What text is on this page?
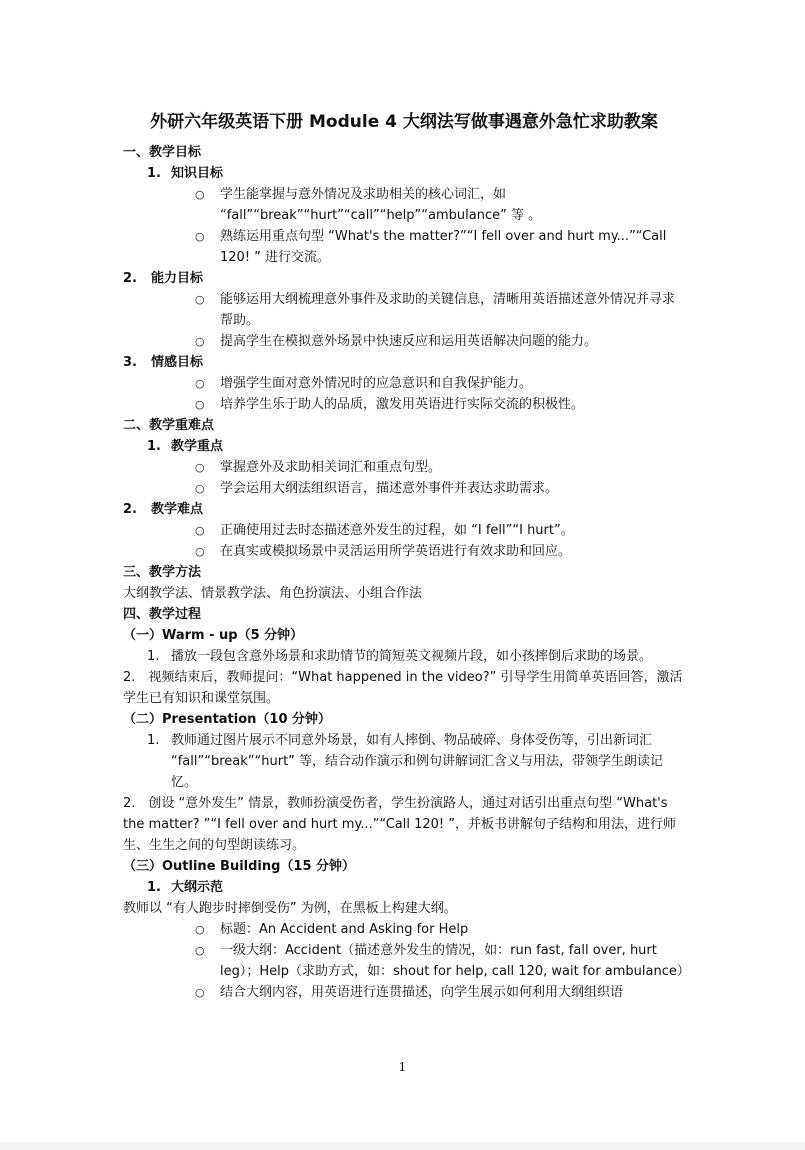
外研六年级英语下册 Module 4 大纲法写做事遇意外急忙求助教案
一、教学目标
1. 知识目标
○ 学生能掌握与意外情况及求助相关的核心词汇，如 “fall”“break”“hurt”“call”“help”“ambulance” 等 。
○ 熟练运用重点句型 “What's the matter?”“I fell over and hurt my...”“Call 120! ” 进行交流。
2. 能力目标
○ 能够运用大纲梳理意外事件及求助的关键信息，清晰用英语描述意外情况并寻求帮助。
○ 提高学生在模拟意外场景中快速反应和运用英语解决问题的能力。
3. 情感目标
○ 增强学生面对意外情况时的应急意识和自我保护能力。
○ 培养学生乐于助人的品质，激发用英语进行实际交流的积极性。
二、教学重难点
1. 教学重点
○ 掌握意外及求助相关词汇和重点句型。
○ 学会运用大纲法组织语言，描述意外事件并表达求助需求。
2. 教学难点
○ 正确使用过去时态描述意外发生的过程，如 “I fell”“I hurt”。
○ 在真实或模拟场景中灵活运用所学英语进行有效求助和回应。
三、教学方法
大纲教学法、情景教学法、角色扮演法、小组合作法
四、教学过程
（一）Warm - up（5 分钟）
1. 播放一段包含意外场景和求助情节的简短英文视频片段，如小孩摔倒后求助的场景。
2.　视频结束后，教师提问：“What happened in the video?” 引导学生用简单英语回答，激活学生已有知识和课堂氛围。
（二）Presentation（10 分钟）
1. 教师通过图片展示不同意外场景，如有人摔倒、物品破碎、身体受伤等，引出新词汇 “fall”“break”“hurt” 等，结合动作演示和例句讲解词汇含义与用法，带领学生朗读记忆。
2.　创设 “意外发生” 情景，教师扮演受伤者，学生扮演路人，通过对话引出重点句型 “What's the matter? ”“I fell over and hurt my...”“Call 120! ”，并板书讲解句子结构和用法，进行师生、生生之间的句型朗读练习。
（三）Outline Building（15 分钟）
1. 大纲示范
教师以 “有人跑步时摔倒受伤” 为例，在黑板上构建大纲。
○ 标题：An Accident and Asking for Help
○ 一级大纲：Accident（描述意外发生的情况，如：run fast, fall over, hurt leg）；Help（求助方式，如：shout for help, call 120, wait for ambulance）
○ 结合大纲内容，用英语进行连贯描述，向学生展示如何利用大纲组织语
1
